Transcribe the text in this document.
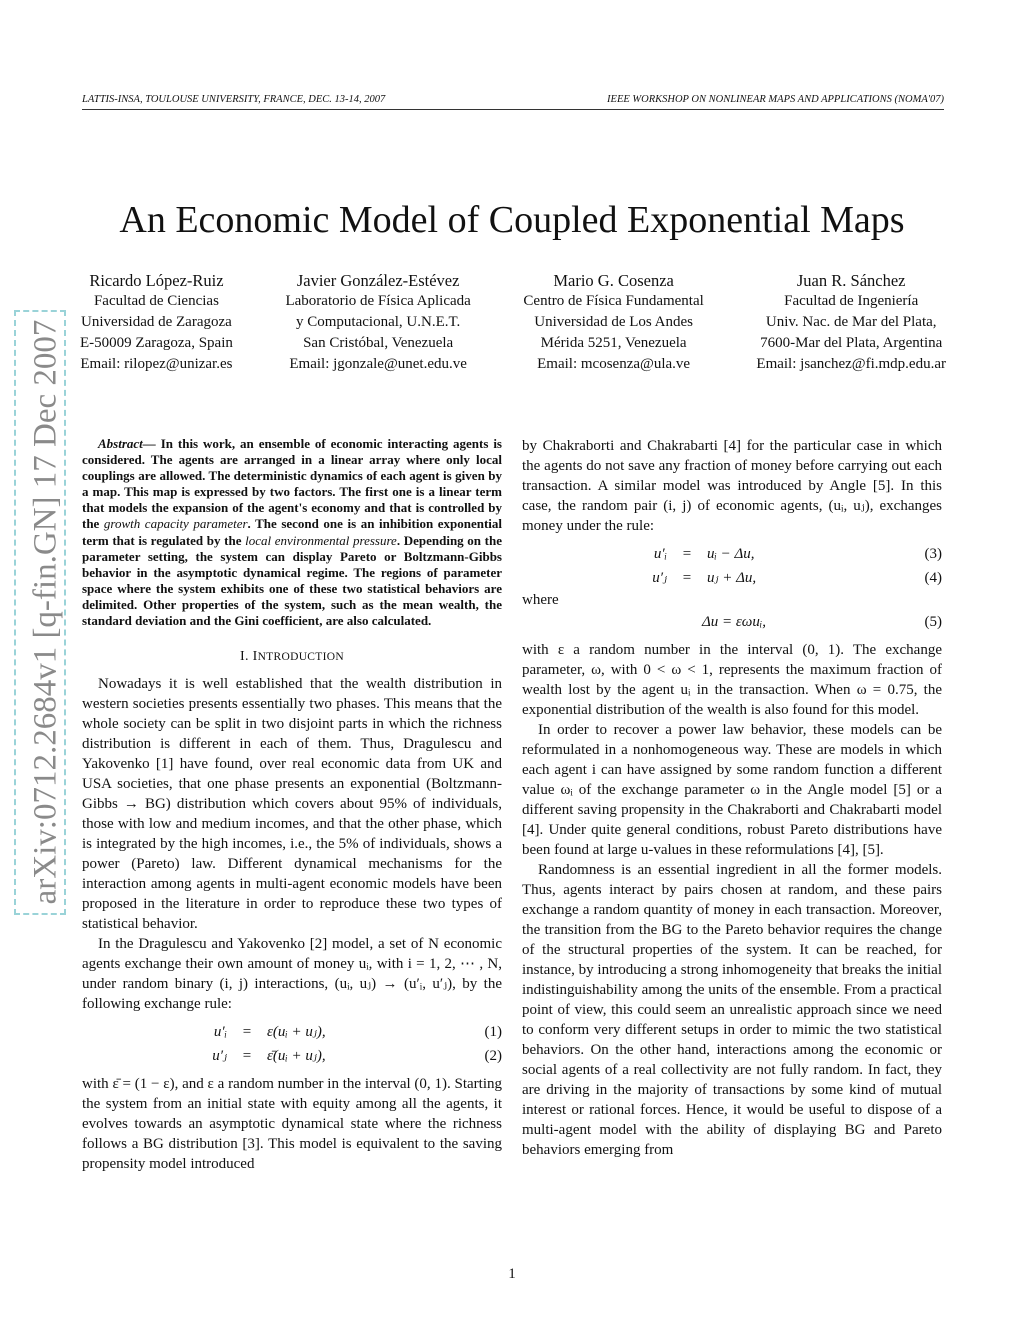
LATTIS-INSA, TOULOUSE UNIVERSITY, FRANCE, DEC. 13-14, 2007	IEEE WORKSHOP ON NONLINEAR MAPS AND APPLICATIONS (NOMA'07)
An Economic Model of Coupled Exponential Maps
Ricardo López-Ruiz
Facultad de Ciencias
Universidad de Zaragoza
E-50009 Zaragoza, Spain
Email: rilopez@unizar.es
Javier González-Estévez
Laboratorio de Física Aplicada
y Computacional, U.N.E.T.
San Cristóbal, Venezuela
Email: jgonzale@unet.edu.ve
Mario G. Cosenza
Centro de Física Fundamental
Universidad de Los Andes
Mérida 5251, Venezuela
Email: mcosenza@ula.ve
Juan R. Sánchez
Facultad de Ingeniería
Univ. Nac. de Mar del Plata,
7600-Mar del Plata, Argentina
Email: jsanchez@fi.mdp.edu.ar
arXiv:0712.2684v1 [q-fin.GN] 17 Dec 2007	Abstract— In this work, an ensemble of economic interacting agents is considered. The agents are arranged in a linear array where only local couplings are allowed. The deterministic dynamics of each agent is given by a map. This map is expressed by two factors. The first one is a linear term that models the expansion of the agent's economy and that is controlled by the growth capacity parameter. The second one is an inhibition exponential term that is regulated by the local environmental pressure. Depending on the parameter setting, the system can display Pareto or Boltzmann-Gibbs behavior in the asymptotic dynamical regime. The regions of parameter space where the system exhibits one of these two statistical behaviors are delimited. Other properties of the system, such as the mean wealth, the standard deviation and the Gini coefficient, are also calculated.

I. INTRODUCTION

Nowadays it is well established that the wealth distribution in western societies presents essentially two phases. This means that the whole society can be split in two disjoint parts in which the richness distribution is different in each of them. Thus, Dragulescu and Yakovenko [1] have found, over real economic data from UK and USA societies, that one phase presents an exponential (Boltzmann-Gibbs → BG) distribution which covers about 95% of individuals, those with low and medium incomes, and that the other phase, which is integrated by the high incomes, i.e., the 5% of individuals, shows a power (Pareto) law. Different dynamical mechanisms for the interaction among agents in multi-agent economic models have been proposed in the literature in order to reproduce these two types of statistical behavior.

In the Dragulescu and Yakovenko [2] model, a set of N economic agents exchange their own amount of money uᵢ, with i = 1, 2, ⋯ , N, under random binary (i, j) interactions, (uᵢ, uⱼ) → (u′ᵢ, u′ⱼ), by the following exchange rule:

u′ᵢ	=	ε(uᵢ + uⱼ),	(1)
u′ⱼ	=	ε̄(uᵢ + uⱼ),	(2)

with ε̄ = (1 − ε), and ε a random number in the interval (0, 1). Starting the system from an initial state with equity among all the agents, it evolves towards an asymptotic dynamical state where the richness follows a BG distribution [3]. This model is equivalent to the saving propensity model introduced

by Chakraborti and Chakrabarti [4] for the particular case in which the agents do not save any fraction of money before carrying out each transaction. A similar model was introduced by Angle [5]. In this case, the random pair (i, j) of economic agents, (uᵢ, uⱼ), exchanges money under the rule:

u′ᵢ	=	uᵢ − Δu,	(3)
u′ⱼ	=	uⱼ + Δu,	(4)

where

Δu = εωuᵢ,	(5)

with ε a random number in the interval (0, 1). The exchange parameter, ω, with 0 < ω < 1, represents the maximum fraction of wealth lost by the agent uᵢ in the transaction. When ω = 0.75, the exponential distribution of the wealth is also found for this model.

In order to recover a power law behavior, these models can be reformulated in a nonhomogeneous way. These are models in which each agent i can have assigned by some random function a different value ωᵢ of the exchange parameter ω in the Angle model [5] or a different saving propensity in the Chakraborti and Chakrabarti model [4]. Under quite general conditions, robust Pareto distributions have been found at large u-values in these reformulations [4], [5].

Randomness is an essential ingredient in all the former models. Thus, agents interact by pairs chosen at random, and these pairs exchange a random quantity of money in each transaction. Moreover, the transition from the BG to the Pareto behavior requires the change of the structural properties of the system. It can be reached, for instance, by introducing a strong inhomogeneity that breaks the initial indistinguishability among the units of the ensemble. From a practical point of view, this could seem an unrealistic approach since we need to conform very different setups in order to mimic the two statistical behaviors. On the other hand, interactions among the economic or social agents of a real collectivity are not fully random. In fact, they are driving in the majority of transactions by some kind of mutual interest or rational forces. Hence, it would be useful to dispose of a multi-agent model with the ability of displaying BG and Pareto behaviors emerging from

1
